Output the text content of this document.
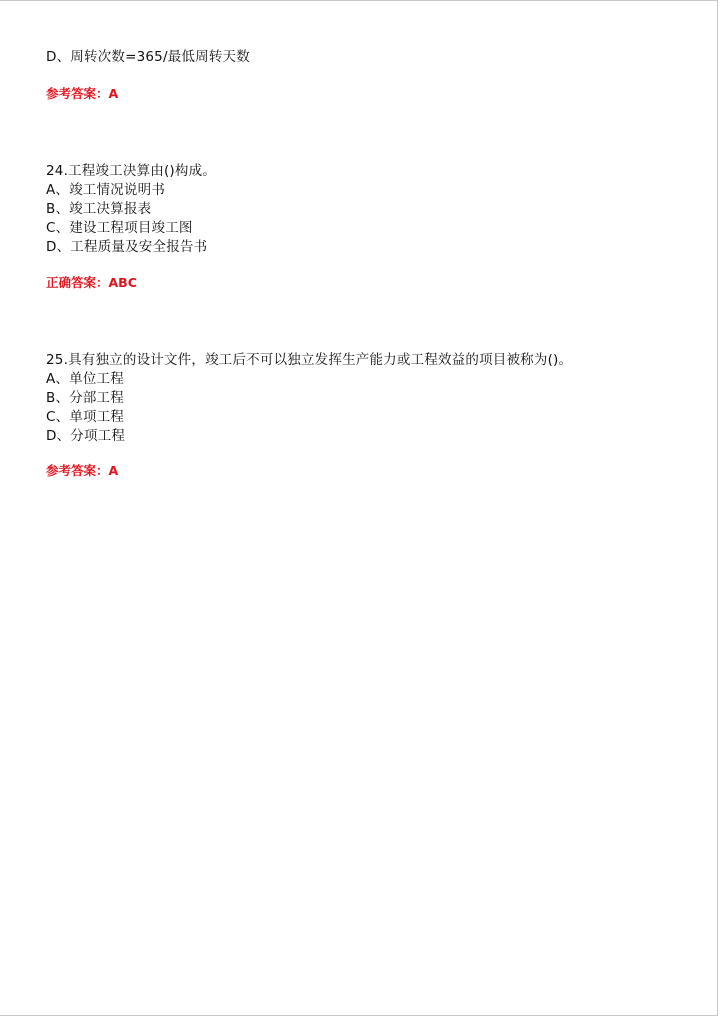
D、周转次数=365/最低周转天数
参考答案：A
24.工程竣工决算由()构成。
A、竣工情况说明书
B、竣工决算报表
C、建设工程项目竣工图
D、工程质量及安全报告书
正确答案：ABC
25.具有独立的设计文件，竣工后不可以独立发挥生产能力或工程效益的项目被称为()。
A、单位工程
B、分部工程
C、单项工程
D、分项工程
参考答案：A
